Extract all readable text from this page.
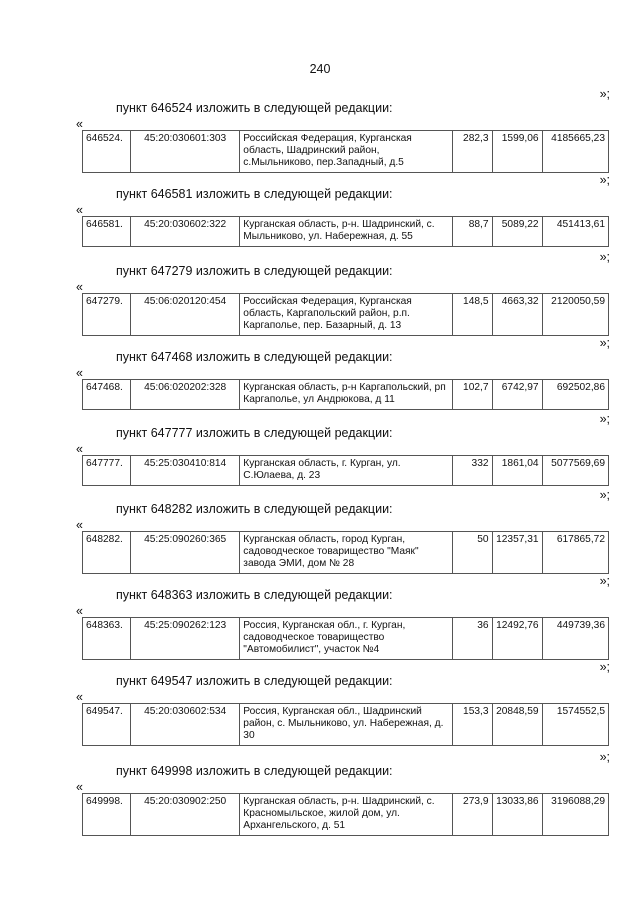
240
»;
пункт 646524 изложить в следующей редакции:
«
646524.	45:20:030601:303	Российская Федерация, Курганская область, Шадринский район, с.Мыльниково, пер.Западный, д.5	282,3	1599,06	4185665,23
»;
пункт 646581 изложить в следующей редакции:
«
646581.	45:20:030602:322	Курганская область, р-н. Шадринский, с. Мыльниково, ул. Набережная, д. 55	88,7	5089,22	451413,61
»;
пункт 647279 изложить в следующей редакции:
«
647279.	45:06:020120:454	Российская Федерация, Курганская область, Каргапольский район, р.п. Каргаполье, пер. Базарный, д. 13	148,5	4663,32	2120050,59
»;
пункт 647468 изложить в следующей редакции:
«
647468.	45:06:020202:328	Курганская область, р-н Каргапольский, рп Каргаполье, ул Андрюкова, д 11	102,7	6742,97	692502,86
»;
пункт 647777 изложить в следующей редакции:
«
647777.	45:25:030410:814	Курганская область, г. Курган, ул. С.Юлаева, д. 23	332	1861,04	5077569,69
»;
пункт 648282 изложить в следующей редакции:
«
648282.	45:25:090260:365	Курганская область, город Курган, садоводческое товарищество "Маяк" завода ЭМИ, дом № 28	50	12357,31	617865,72
»;
пункт 648363 изложить в следующей редакции:
«
648363.	45:25:090262:123	Россия, Курганская обл., г. Курган, садоводческое товарищество "Автомобилист", участок №4	36	12492,76	449739,36
»;
пункт 649547 изложить в следующей редакции:
«
649547.	45:20:030602:534	Россия, Курганская обл., Шадринский район, с. Мыльниково, ул. Набережная, д. 30	153,3	20848,59	1574552,5
»;
пункт 649998 изложить в следующей редакции:
«
649998.	45:20:030902:250	Курганская область, р-н. Шадринский, с. Красномыльское, жилой дом, ул. Архангельского, д. 51	273,9	13033,86	3196088,29
